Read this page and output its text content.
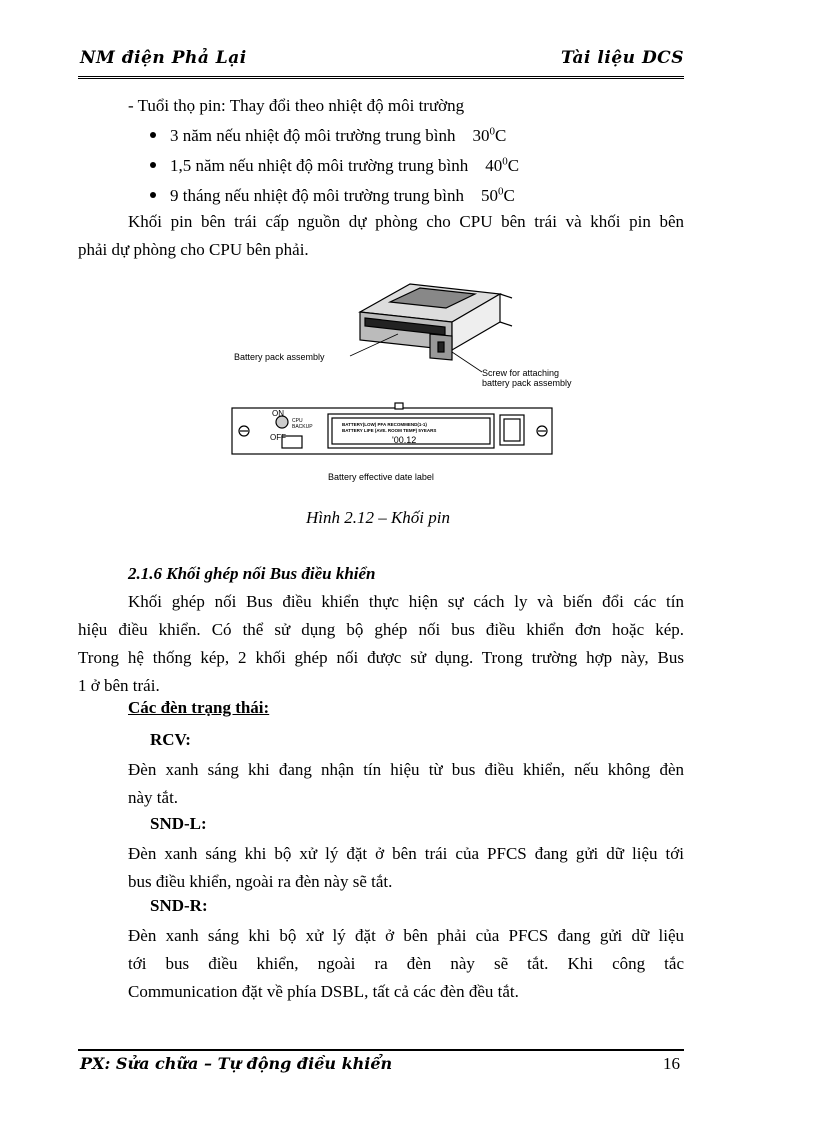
NM điện Phả Lại	Tài liệu DCS
- Tuổi thọ pin: Thay đổi theo nhiệt độ môi trường
3 năm nếu nhiệt độ môi trường trung bình $30^0C$
1,5 năm nếu nhiệt độ môi trường trung bình $40^0C$
9 tháng nếu nhiệt độ môi trường trung bình $50^0C$
Khối pin bên trái cấp nguồn dự phòng cho CPU bên trái và khối pin bên
phải dự phòng cho CPU bên phải.
Battery pack assembly
Screw for attaching
battery pack assembly
ON
OFF
CPU
BACKUP	BATTERY(LOW) PFA RECOMMEND(1-1)
BATTERY LIFE (AVE. ROOM TEMP) 5YEARS
'00.12
Battery effective date label
Hình 2.12 – Khối pin
2.1.6 Khối ghép nối Bus điều khiển
Khối ghép nối Bus điều khiển thực hiện sự cách ly và biến đổi các tín
hiệu điều khiển. Có thể sử dụng bộ ghép nối bus điều khiển đơn hoặc kép.
Trong hệ thống kép, 2 khối ghép nối được sử dụng. Trong trường hợp này, Bus
1 ở bên trái.
Các đèn trạng thái:
RCV:
Đèn xanh sáng khi đang nhận tín hiệu từ bus điều khiển, nếu không đèn
này tắt.
SND-L:
Đèn xanh sáng khi bộ xử lý đặt ở bên trái của PFCS đang gửi dữ liệu tới
bus điều khiển, ngoài ra đèn này sẽ tắt.
SND-R:
Đèn xanh sáng khi bộ xử lý đặt ở bên phải của PFCS đang gửi dữ liệu
tới bus điều khiển, ngoài ra đèn này sẽ tắt. Khi công tắc
Communication đặt về phía DSBL, tất cả các đèn đều tắt.
PX: Sửa chữa – Tự động điều khiển	16
